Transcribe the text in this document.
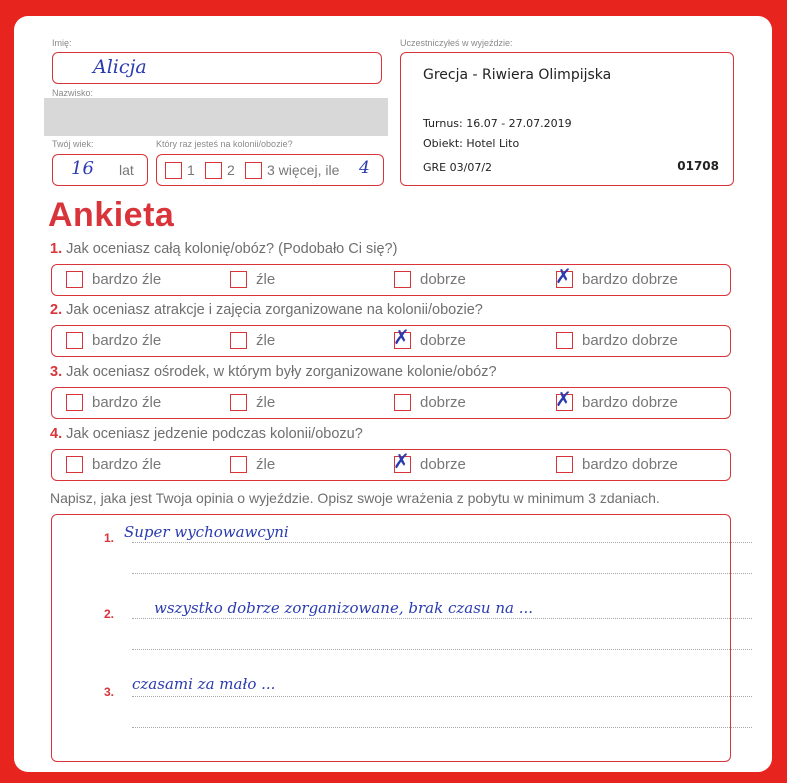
Imię:
Alicja
Nazwisko:
Twój wiek:
16 lat
Który raz jesteś na kolonii/obozie?
1 2 3 więcej, ile 4
Uczestniczyłeś w wyjeździe:
Grecja - Riwiera Olimpijska
Turnus: 16.07 - 27.07.2019
Obiekt: Hotel Lito
GRE 03/07/2	01708
Ankieta
1. Jak oceniasz całą kolonię/obóz? (Podobało Ci się?)
bardzo źle	źle	dobrze	✗ bardzo dobrze
2. Jak oceniasz atrakcje i zajęcia zorganizowane na kolonii/obozie?
bardzo źle	źle	✗ dobrze	bardzo dobrze
3. Jak oceniasz ośrodek, w którym były zorganizowane kolonie/obóz?
bardzo źle	źle	dobrze	✗ bardzo dobrze
4. Jak oceniasz jedzenie podczas kolonii/obozu?
bardzo źle	źle	✗ dobrze	bardzo dobrze
Napisz, jaka jest Twoja opinia o wyjeździe. Opisz swoje wrażenia z pobytu w minimum 3 zdaniach.
1. Super wychowawcyni
2.	wszystko dobrze zorganizowane, brak czasu na ...
3. czasami za mało ...
